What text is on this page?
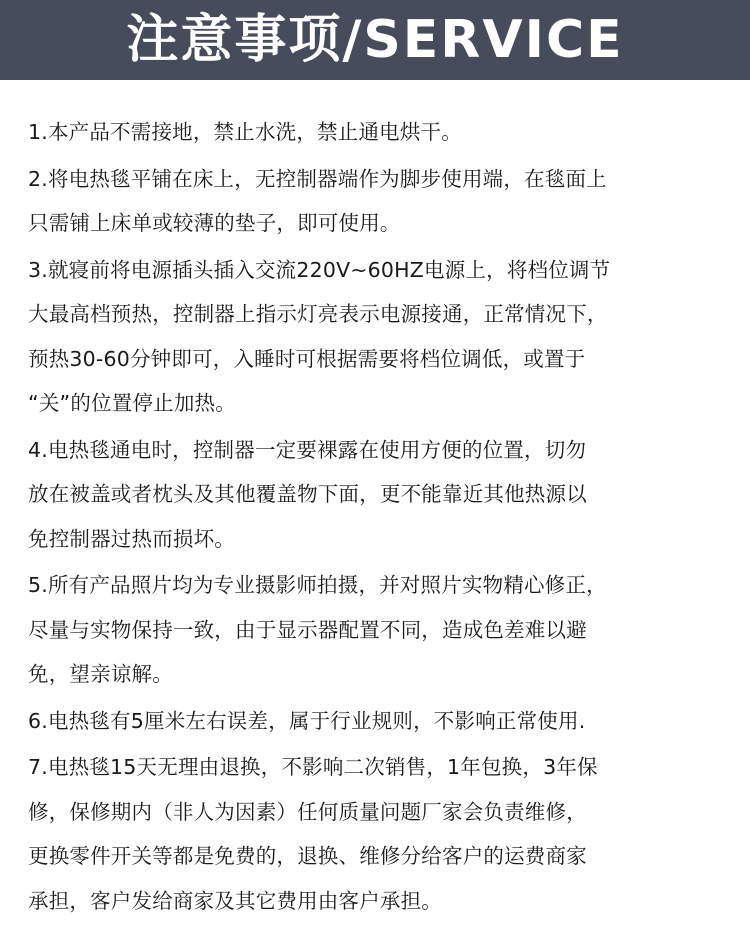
注意事项/SERVICE
1.本产品不需接地，禁止水洗，禁止通电烘干。
2.将电热毯平铺在床上，无控制器端作为脚步使用端，在毯面上
只需铺上床单或较薄的垫子，即可使用。
3.就寝前将电源插头插入交流220V~60HZ电源上，将档位调节
大最高档预热，控制器上指示灯亮表示电源接通，正常情况下，
预热30-60分钟即可，入睡时可根据需要将档位调低，或置于
“关”的位置停止加热。
4.电热毯通电时，控制器一定要裸露在使用方便的位置，切勿
放在被盖或者枕头及其他覆盖物下面，更不能靠近其他热源以
免控制器过热而损坏。
5.所有产品照片均为专业摄影师拍摄，并对照片实物精心修正，
尽量与实物保持一致，由于显示器配置不同，造成色差难以避
免，望亲谅解。
6.电热毯有5厘米左右误差，属于行业规则，不影响正常使用.
7.电热毯15天无理由退换，不影响二次销售，1年包换，3年保
修，保修期内（非人为因素）任何质量问题厂家会负责维修，
更换零件开关等都是免费的，退换、维修分给客户的运费商家
承担，客户发给商家及其它费用由客户承担。
